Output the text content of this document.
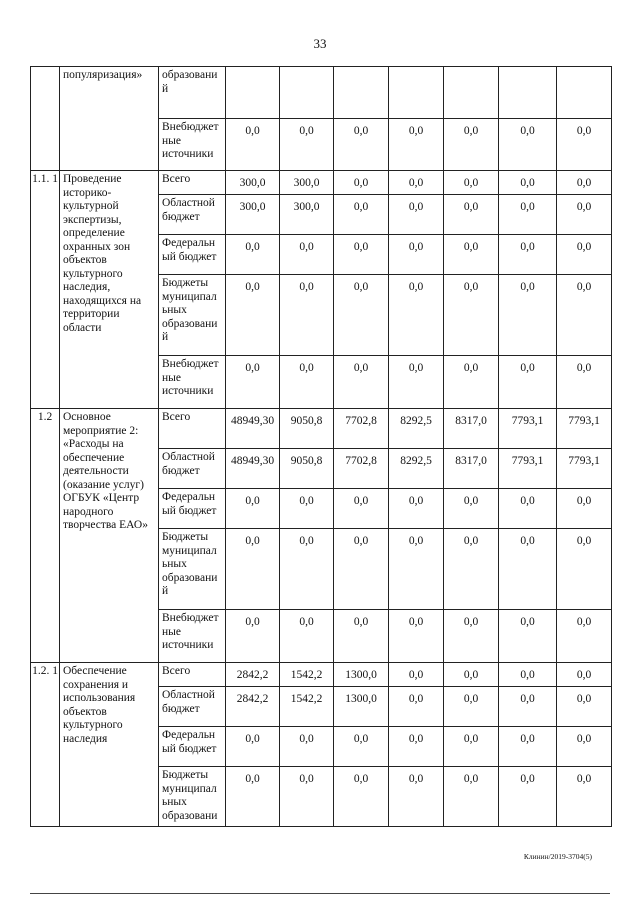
33
	популяризация»	образовани й							
		Внебюджет ные источники	0,0	0,0	0,0	0,0	0,0	0,0	0,0
1.1. 1	Проведение историко-культурной экспертизы, определение охранных зон объектов культурного наследия, находящихся на территории области	Всего	300,0	300,0	0,0	0,0	0,0	0,0	0,0
		Областной бюджет	300,0	300,0	0,0	0,0	0,0	0,0	0,0
		Федеральн ый бюджет	0,0	0,0	0,0	0,0	0,0	0,0	0,0
		Бюджеты муниципал ьных образовани й	0,0	0,0	0,0	0,0	0,0	0,0	0,0
		Внебюджет ные источники	0,0	0,0	0,0	0,0	0,0	0,0	0,0
1.2	Основное мероприятие 2: «Расходы на обеспечение деятельности (оказание услуг) ОГБУК «Центр народного творчества ЕАО»	Всего	48949,30	9050,8	7702,8	8292,5	8317,0	7793,1	7793,1
		Областной бюджет	48949,30	9050,8	7702,8	8292,5	8317,0	7793,1	7793,1
		Федеральн ый бюджет	0,0	0,0	0,0	0,0	0,0	0,0	0,0
		Бюджеты муниципал ьных образовани й	0,0	0,0	0,0	0,0	0,0	0,0	0,0
		Внебюджет ные источники	0,0	0,0	0,0	0,0	0,0	0,0	0,0
1.2. 1	Обеспечение сохранения и использования объектов культурного наследия	Всего	2842,2	1542,2	1300,0	0,0	0,0	0,0	0,0
		Областной бюджет	2842,2	1542,2	1300,0	0,0	0,0	0,0	0,0
		Федеральн ый бюджет	0,0	0,0	0,0	0,0	0,0	0,0	0,0
		Бюджеты муниципал ьных образовани	0,0	0,0	0,0	0,0	0,0	0,0	0,0
Клинин/2019-3704(5)
